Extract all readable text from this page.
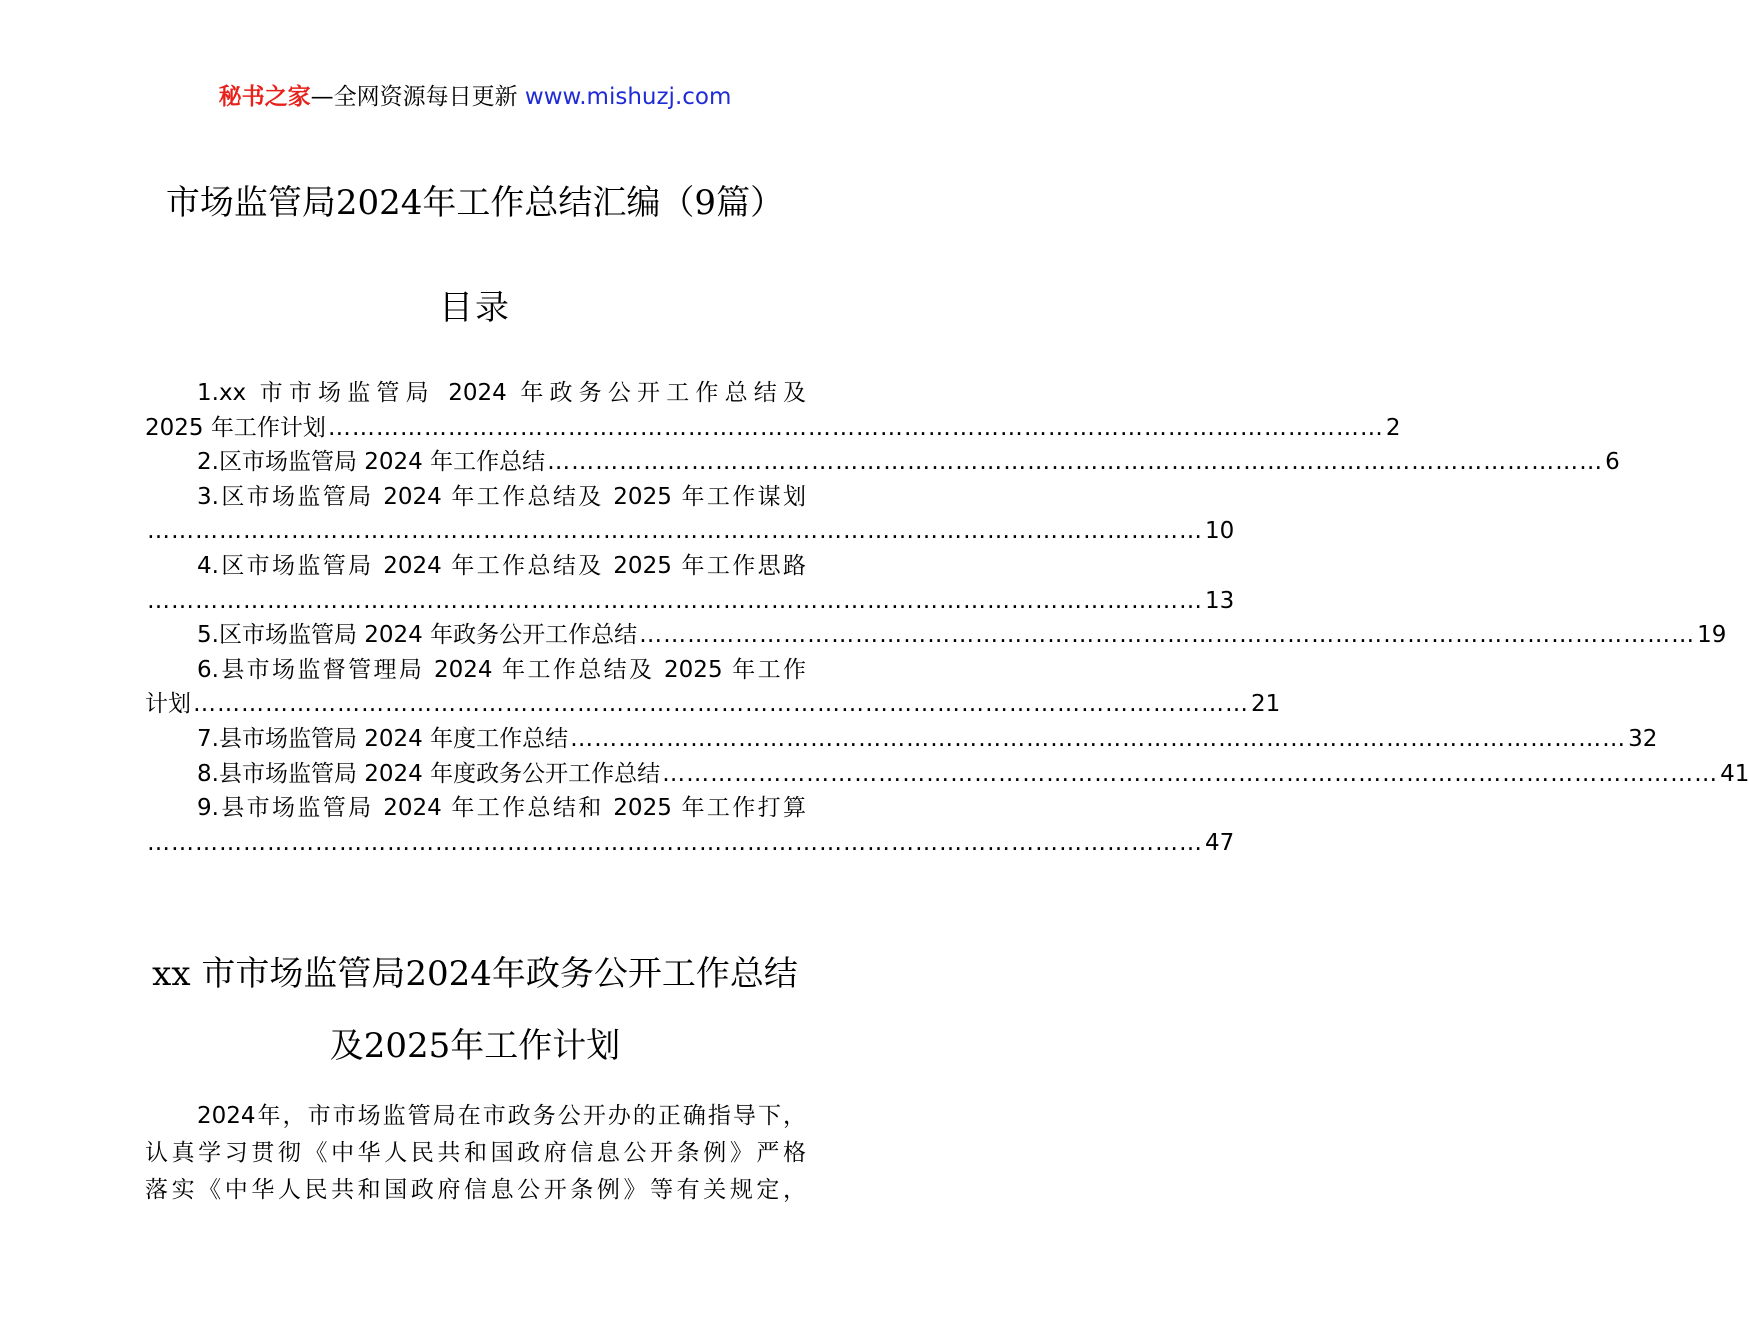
秘书之家—全网资源每日更新 www.mishuzj.com
市场监管局2024年工作总结汇编（9篇）
目录
1.xx 市市场监管局 2024 年政务公开工作总结及
2025 年工作计划 …………………………………………………………………………………………………………………… 2
2.区市场监管局 2024 年工作总结 …………………………………………………………………………………………………………………… 6
3.区市场监管局 2024 年工作总结及 2025 年工作谋划
…………………………………………………………………………………………………………………… 10
4.区市场监管局 2024 年工作总结及 2025 年工作思路
…………………………………………………………………………………………………………………… 13
5.区市场监管局 2024 年政务公开工作总结 …………………………………………………………………………………………………………………… 19
6.县市场监督管理局 2024 年工作总结及 2025 年工作
计划 …………………………………………………………………………………………………………………… 21
7.县市场监管局 2024 年度工作总结 …………………………………………………………………………………………………………………… 32
8.县市场监管局 2024 年度政务公开工作总结 …………………………………………………………………………………………………………………… 41
9.县市场监管局 2024 年工作总结和 2025 年工作打算
…………………………………………………………………………………………………………………… 47
xx 市市场监管局2024年政务公开工作总结
及2025年工作计划
2024年，市市场监管局在市政务公开办的正确指导下，
认真学习贯彻《中华人民共和国政府信息公开条例》严格
落实《中华人民共和国政府信息公开条例》等有关规定，
